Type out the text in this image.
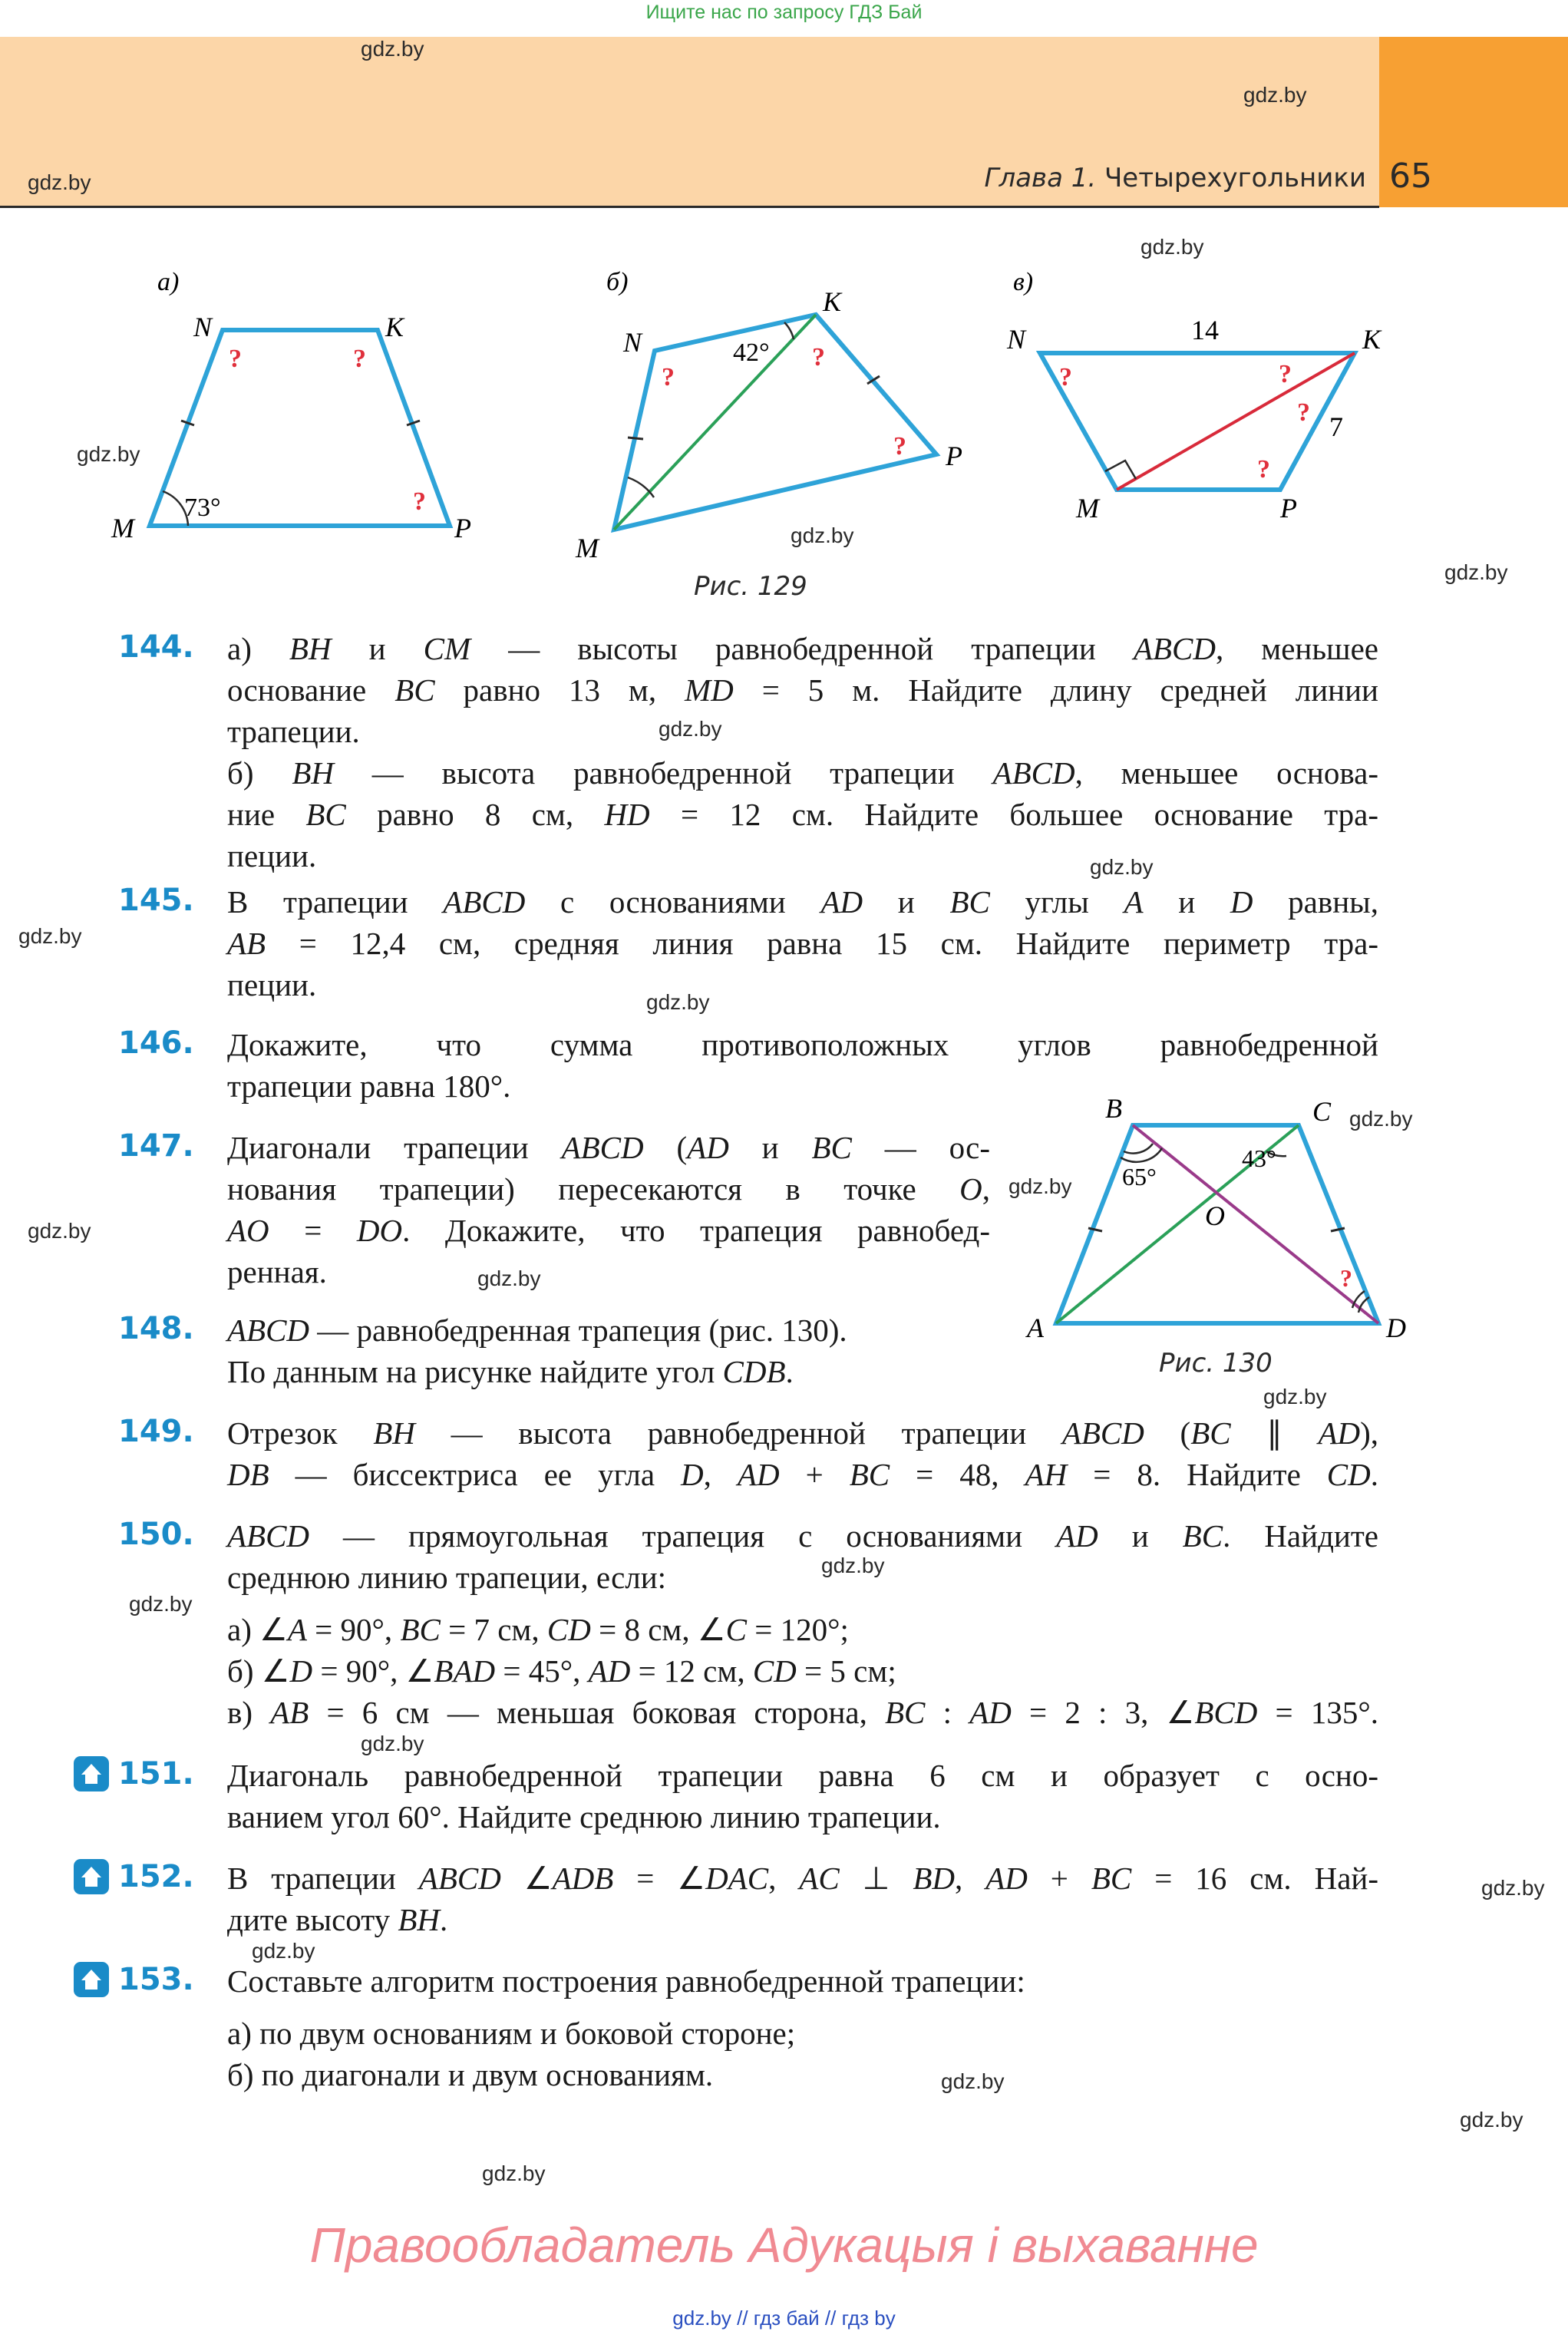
Ищите нас по запросу ГДЗ Бай
Глава 1. Четырехугольники 65
gdz.by
gdz.by
gdz.by
gdz.by
gdz.by
gdz.by
gdz.by
gdz.by
gdz.by
gdz.by
gdz.by
gdz.by
gdz.by
gdz.by
gdz.by
gdz.by
gdz.by
gdz.by
gdz.by
gdz.by
gdz.by
gdz.by
gdz.by
gdz.by
а)
N	K
M	P
73°
?	?
?
б)
N
K
M
P
42°
?
?
?
в)
N	K
M	P
14
7
?	?
?
?
Рис. 129
B	C
A	D
O
65°
43°
?
Рис. 130
144. а) BH и CM — высоты равнобедренной трапеции ABCD, меньшее
основание BC равно 13 м, MD = 5 м. Найдите длину средней линии
трапеции.
б) BH — высота равнобедренной трапеции ABCD, меньшее основа-
ние BC равно 8 см, HD = 12 см. Найдите большее основание тра-
пеции.
145. В трапеции ABCD с основаниями AD и BC углы A и D равны,
AB = 12,4 см, средняя линия равна 15 см. Найдите периметр тра-
пеции.
146. Докажите, что сумма противоположных углов равнобедренной
трапеции равна 180°.
147. Диагонали трапеции ABCD (AD и BC — ос-
нования трапеции) пересекаются в точке O,
AO = DO. Докажите, что трапеция равнобед-
ренная.
148. ABCD — равнобедренная трапеция (рис. 130).
По данным на рисунке найдите угол CDB.
149. Отрезок BH — высота равнобедренной трапеции ABCD (BC ∥ AD),
DB — биссектриса ее угла D, AD + BC = 48, AH = 8. Найдите CD.
150. ABCD — прямоугольная трапеция с основаниями AD и BC. Найдите
среднюю линию трапеции, если:
а) ∠A = 90°, BC = 7 см, CD = 8 см, ∠C = 120°;
б) ∠D = 90°, ∠BAD = 45°, AD = 12 см, CD = 5 см;
в) AB = 6 см — меньшая боковая сторона, BC : AD = 2 : 3, ∠BCD = 135°.
151. Диагональ равнобедренной трапеции равна 6 см и образует с осно-
ванием угол 60°. Найдите среднюю линию трапеции.
152. В трапеции ABCD ∠ADB = ∠DAC, AC ⊥ BD, AD + BC = 16 см. Най-
дите высоту BH.
153. Составьте алгоритм построения равнобедренной трапеции:
а) по двум основаниям и боковой стороне;
б) по диагонали и двум основаниям.
Правообладатель Адукацыя і выхаванне
gdz.by // гдз бай // гдз by
